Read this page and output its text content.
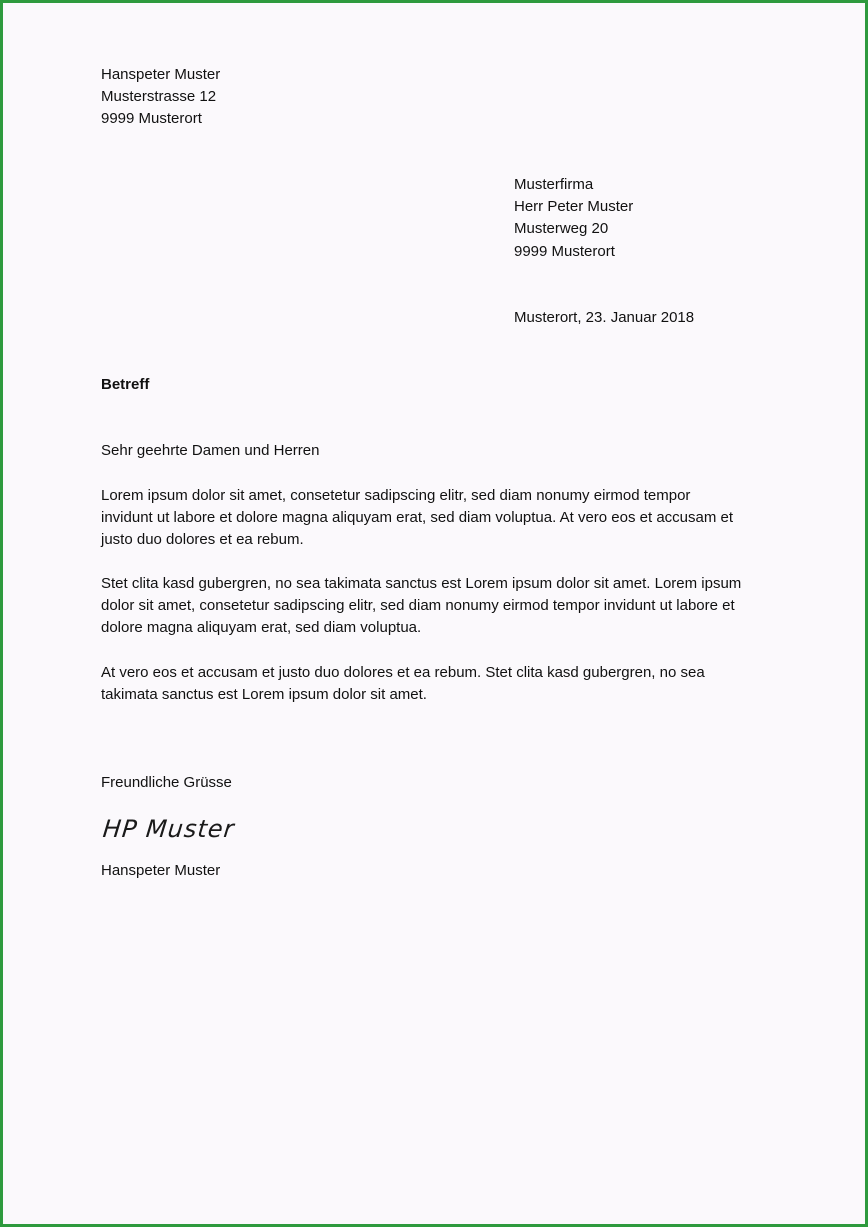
Hanspeter Muster
Musterstrasse 12
9999 Musterort
Musterfirma
Herr Peter Muster
Musterweg 20
9999 Musterort
Musterort, 23. Januar 2018
Betreff
Sehr geehrte Damen und Herren
Lorem ipsum dolor sit amet, consetetur sadipscing elitr, sed diam nonumy eirmod tempor
invidunt ut labore et dolore magna aliquyam erat, sed diam voluptua. At vero eos et accusam et
justo duo dolores et ea rebum.
Stet clita kasd gubergren, no sea takimata sanctus est Lorem ipsum dolor sit amet. Lorem ipsum
dolor sit amet, consetetur sadipscing elitr, sed diam nonumy eirmod tempor invidunt ut labore et
dolore magna aliquyam erat, sed diam voluptua.
At vero eos et accusam et justo duo dolores et ea rebum. Stet clita kasd gubergren, no sea
takimata sanctus est Lorem ipsum dolor sit amet.
Freundliche Grüsse
HP Muster
Hanspeter Muster
